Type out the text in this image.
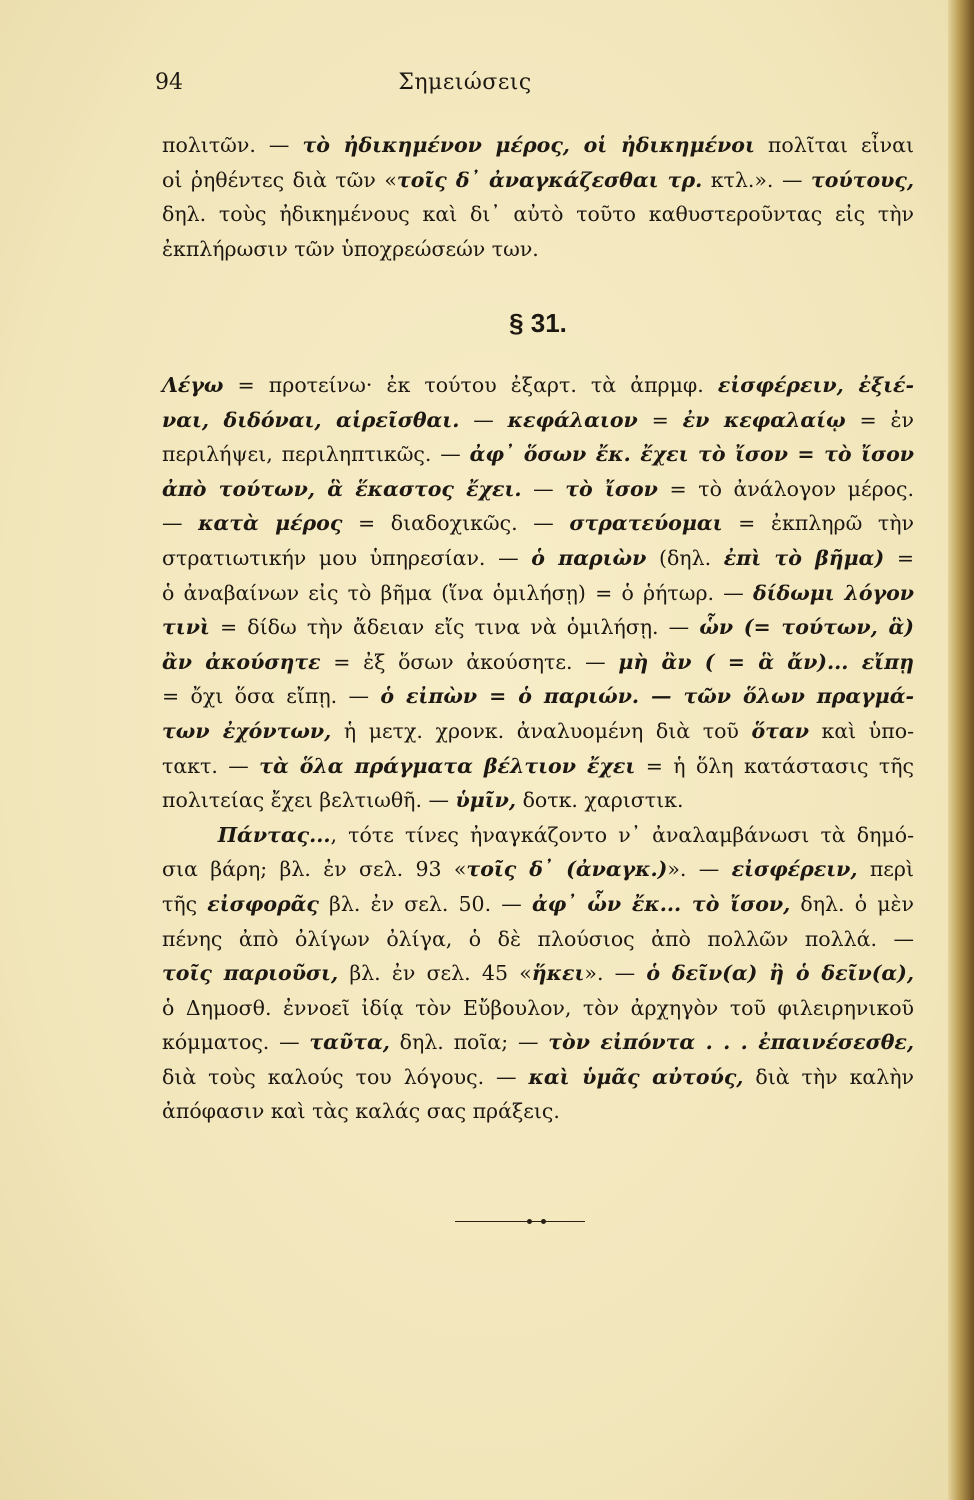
94	Σημειώσεις
πολιτῶν. — τὸ ἠδικημένον μέρος, οἱ ἠδικημένοι πολῖται εἶναι
οἱ ῥηθέντες διὰ τῶν «τοῖς δ᾽ ἀναγκάζεσθαι τρ. κτλ.». — τούτους,
δηλ. τοὺς ἠδικημένους καὶ δι᾽ αὐτὸ τοῦτο καθυστεροῦντας εἰς τὴν
ἐκπλήρωσιν τῶν ὑποχρεώσεών των.
§ 31.
Λέγω = προτείνω· ἐκ τούτου ἐξαρτ. τὰ ἀπρμφ. εἰσφέρειν, ἐξιέ-
ναι, διδόναι, αἱρεῖσθαι. — κεφάλαιον = ἐν κεφαλαίῳ = ἐν
περιλήψει, περιληπτικῶς. — ἀφ᾽ ὅσων ἔκ. ἔχει τὸ ἴσον = τὸ ἴσον
ἀπὸ τούτων, ἃ ἕκαστος ἔχει. — τὸ ἴσον = τὸ ἀνάλογον μέρος.
— κατὰ μέρος = διαδοχικῶς. — στρατεύομαι = ἐκπληρῶ τὴν
στρατιωτικήν μου ὑπηρεσίαν. — ὁ παριὼν (δηλ. ἐπὶ τὸ βῆμα) =
ὁ ἀναβαίνων εἰς τὸ βῆμα (ἵνα ὁμιλήσῃ) = ὁ ῥήτωρ. — δίδωμι λόγον
τινὶ = δίδω τὴν ἄδειαν εἴς τινα νὰ ὁμιλήσῃ. — ὧν (= τούτων, ἃ)
ἂν ἀκούσητε = ἐξ ὅσων ἀκούσητε. — μὴ ἂν ( = ἃ ἄν)... εἴπῃ
= ὄχι ὅσα εἴπῃ. — ὁ εἰπὼν = ὁ παριών. — τῶν ὅλων πραγμά-
των ἐχόντων, ἡ μετχ. χρονκ. ἀναλυομένη διὰ τοῦ ὅταν καὶ ὑπο-
τακτ. — τὰ ὅλα πράγματα βέλτιον ἔχει = ἡ ὅλη κατάστασις τῆς
πολιτείας ἔχει βελτιωθῆ. — ὑμῖν, δοτκ. χαριστικ.
Πάντας..., τότε τίνες ἠναγκάζοντο ν᾽ ἀναλαμβάνωσι τὰ δημό-
σια βάρη; βλ. ἐν σελ. 93 «τοῖς δ᾽ (ἀναγκ.)». — εἰσφέρειν, περὶ
τῆς εἰσφορᾶς βλ. ἐν σελ. 50. — ἀφ᾽ ὧν ἔκ... τὸ ἴσον, δηλ. ὁ μὲν
πένης ἀπὸ ὀλίγων ὀλίγα, ὁ δὲ πλούσιος ἀπὸ πολλῶν πολλά. —
τοῖς παριοῦσι, βλ. ἐν σελ. 45 «ἥκει». — ὁ δεῖν(α) ἢ ὁ δεῖν(α),
ὁ Δημοσθ. ἐννοεῖ ἰδίᾳ τὸν Εὔβουλον, τὸν ἀρχηγὸν τοῦ φιλειρηνικοῦ
κόμματος. — ταῦτα, δηλ. ποῖα; — τὸν εἰπόντα . . . ἐπαινέσεσθε,
διὰ τοὺς καλούς του λόγους. — καὶ ὑμᾶς αὐτούς, διὰ τὴν καλὴν
ἀπόφασιν καὶ τὰς καλάς σας πράξεις.
